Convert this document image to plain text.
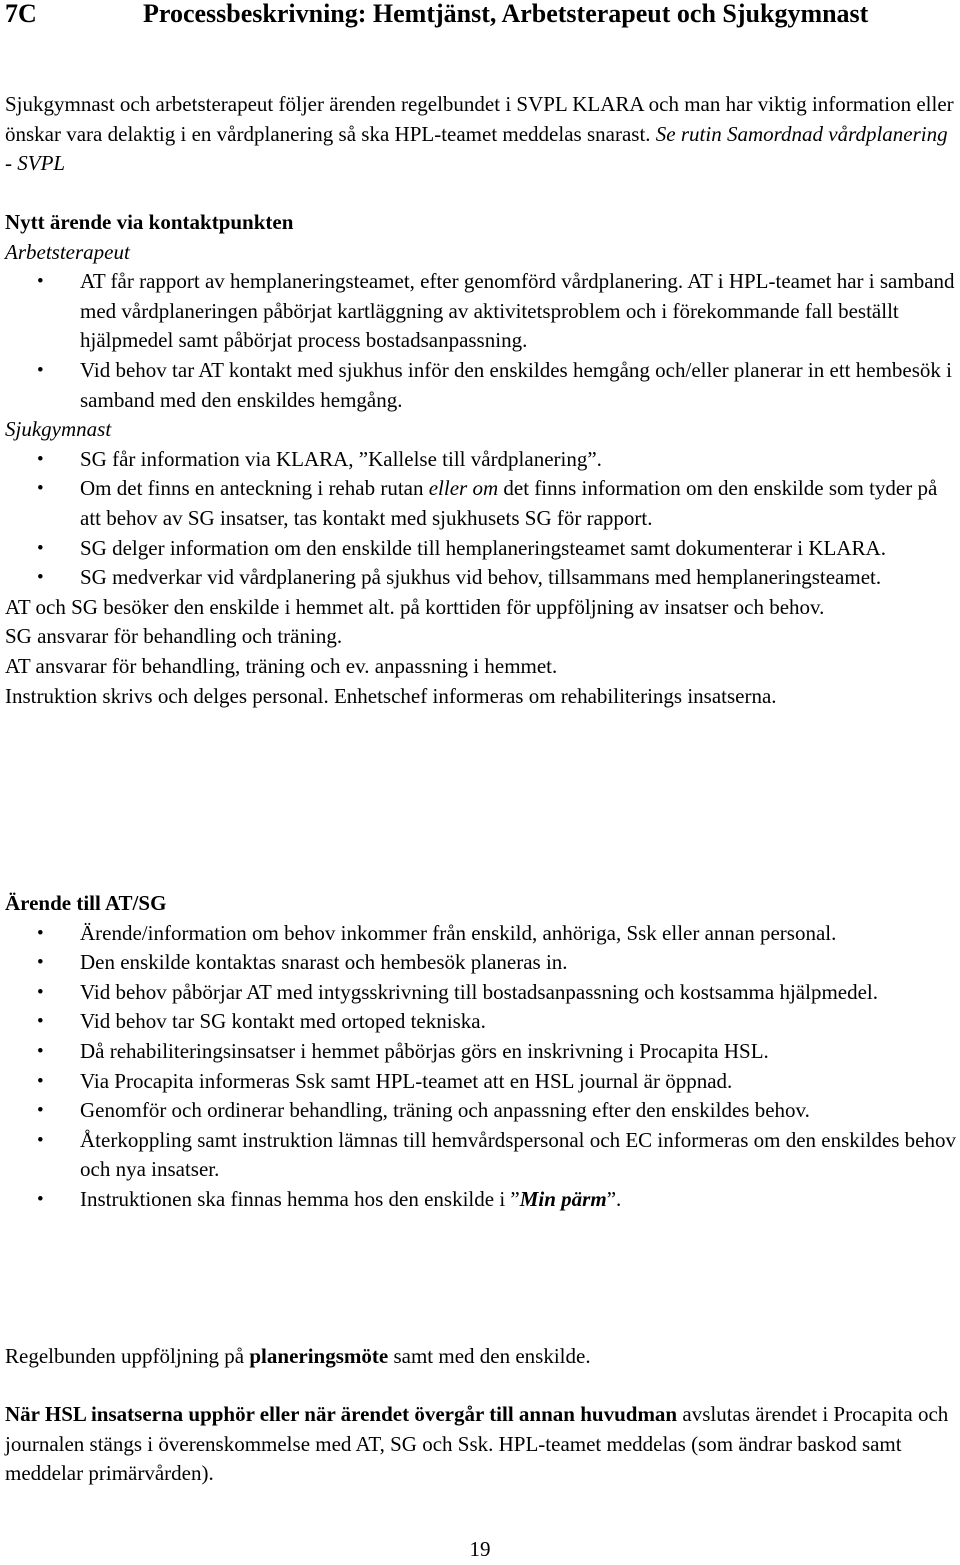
7C	Processbeskrivning: Hemtjänst, Arbetsterapeut och Sjukgymnast

Sjukgymnast och arbetsterapeut följer ärenden regelbundet i SVPL KLARA och man har viktig information eller önskar vara delaktig i en vårdplanering så ska HPL-teamet meddelas snarast. Se rutin Samordnad vårdplanering - SVPL

Nytt ärende via kontaktpunkten

Arbetsterapeut

• AT får rapport av hemplaneringsteamet, efter genomförd vårdplanering. AT i HPL-teamet har i samband med vårdplaneringen påbörjat kartläggning av aktivitetsproblem och i förekommande fall beställt hjälpmedel samt påbörjat process bostadsanpassning.
• Vid behov tar AT kontakt med sjukhus inför den enskildes hemgång och/eller planerar in ett hembesök i samband med den enskildes hemgång.

Sjukgymnast

• SG får information via KLARA, ”Kallelse till vårdplanering”.
• Om det finns en anteckning i rehab rutan eller om det finns information om den enskilde som tyder på att behov av SG insatser, tas kontakt med sjukhusets SG för rapport.
• SG delger information om den enskilde till hemplaneringsteamet samt dokumenterar i KLARA.
• SG medverkar vid vårdplanering på sjukhus vid behov, tillsammans med hemplaneringsteamet.

AT och SG besöker den enskilde i hemmet alt. på korttiden för uppföljning av insatser och behov.

SG ansvarar för behandling och träning.

AT ansvarar för behandling, träning och ev. anpassning i hemmet.

Instruktion skrivs och delges personal. Enhetschef informeras om rehabiliterings insatserna.

Ärende till AT/SG

• Ärende/information om behov inkommer från enskild, anhöriga, Ssk eller annan personal.
• Den enskilde kontaktas snarast och hembesök planeras in.
• Vid behov påbörjar AT med intygsskrivning till bostadsanpassning och kostsamma hjälpmedel.
• Vid behov tar SG kontakt med ortoped tekniska.
• Då rehabiliteringsinsatser i hemmet påbörjas görs en inskrivning i Procapita HSL.
• Via Procapita informeras Ssk samt HPL-teamet att en HSL journal är öppnad.
• Genomför och ordinerar behandling, träning och anpassning efter den enskildes behov.
• Återkoppling samt instruktion lämnas till hemvårdspersonal och EC informeras om den enskildes behov och nya insatser.
• Instruktionen ska finnas hemma hos den enskilde i ”Min pärm”.

Regelbunden uppföljning på planeringsmöte samt med den enskilde.

När HSL insatserna upphör eller när ärendet övergår till annan huvudman avslutas ärendet i Procapita och journalen stängs i överenskommelse med AT, SG och Ssk. HPL-teamet meddelas (som ändrar baskod samt meddelar primärvården).

19
